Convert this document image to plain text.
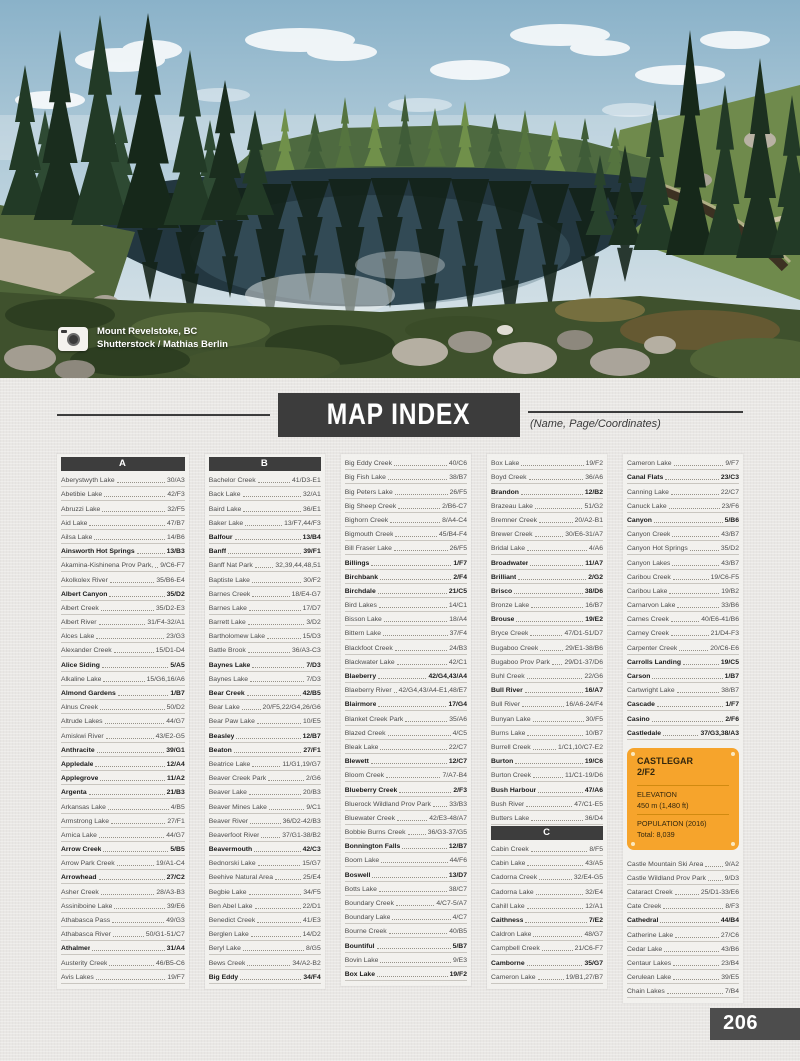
Mount Revelstoke, BC
Shutterstock / Mathias Berlin
MAP INDEX	(Name, Page/Coordinates)
A
Aberystwyth Lake	30/A3
Abetibie Lake	42/F3
Abruzzi Lake	32/F5
Aid Lake	47/B7
Ailsa Lake	14/B6
Ainsworth Hot Springs	13/B3
Akamina-Kishinena Prov Park, 9/C6-F7
Akolkolex River	35/B6-E4
Albert Canyon	35/D2
Albert Creek	35/D2-E3
Albert River	31/F4-32/A1
Alces Lake	23/G3
Alexander Creek	15/D1-D4
Alice Siding	5/A5
Alkaline Lake	15/G6,16/A6
Almond Gardens	1/B7
Alnus Creek	50/D2
Altrude Lakes	44/G7
Amiskwi River	43/E2-G5
Anthracite	39/G1
Appledale	12/A4
Applegrove	11/A2
Argenta	21/B3
Arkansas Lake	4/B5
Armstrong Lake	27/F1
Arnica Lake	44/G7
Arrow Creek	5/B5
Arrow Park Creek	19/A1-C4
Arrowhead	27/C2
Asher Creek	28/A3-B3
Assiniboine Lake	39/E6
Athabasca Pass	49/G3
Athabasca River	50/G1-51/C7
Athalmer	31/A4
Austerity Creek	46/B5-C6
Avis Lakes	19/F7
B
Bachelor Creek	41/D3-E1
Back Lake	32/A1
Baird Lake	36/E1
Baker Lake	13/F7,44/F3
Balfour	13/B4
Banff	39/F1
Banff Nat Park	32,39,44,48,51
Baptiste Lake	30/F2
Barnes Creek	18/E4-G7
Barnes Lake	17/D7
Barrett Lake	3/D2
Bartholomew Lake	15/D3
Battle Brook	36/A3-C3
Baynes Lake	7/D3
Baynes Lake	7/D3
Bear Creek	42/B5
Bear Lake	20/F5,22/G4,26/G6
Bear Paw Lake	10/E5
Beasley	12/B7
Beaton	27/F1
Beatrice Lake	11/G1,19/G7
Beaver Creek Park	2/G6
Beaver Lake	20/B3
Beaver Mines Lake	9/C1
Beaver River	36/D2-42/B3
Beaverfoot River	37/G1-38/B2
Beavermouth	42/C3
Bednorski Lake	15/G7
Beehive Natural Area	25/E4
Begbie Lake	34/F5
Ben Abel Lake	22/D1
Benedict Creek	41/E3
Berglen Lake	14/D2
Beryl Lake	8/G5
Bews Creek	34/A2-B2
Big Eddy	34/F4
Big Eddy Creek	40/C6
Big Fish Lake	38/B7
Big Peters Lake	26/F5
Big Sheep Creek	2/B6-C7
Bighorn Creek	8/A4-C4
Bigmouth Creek	45/B4-F4
Bill Fraser Lake	26/F5
Billings	1/F7
Birchbank	2/F4
Birchdale	21/C5
Bird Lakes	14/C1
Bisson Lake	18/A4
Bittern Lake	37/F4
Blackfoot Creek	24/B3
Blackwater Lake	42/C1
Blaeberry	42/G4,43/A4
Blaeberry River 42/G4,43/A4-E1,48/E7
Blairmore	17/G4
Blanket Creek Park	35/A6
Blazed Creek	4/C5
Bleak Lake	22/C7
Blewett	12/C7
Bloom Creek	7/A7-B4
Blueberry Creek	2/F3
Bluerock Wildland Prov Park	33/B3
Bluewater Creek	42/E3-48/A7
Bobbie Burns Creek	36/G3-37/G5
Bonnington Falls	12/B7
Boom Lake	44/F6
Boswell	13/D7
Botts Lake	38/C7
Boundary Creek	4/C7-5/A7
Boundary Lake	4/C7
Bourne Creek	40/B5
Bountiful	5/B7
Bovin Lake	9/E3
Box Lake	19/F2
Box Lake	19/F2
Boyd Creek	36/A6
Brandon	12/B2
Brazeau Lake	51/G2
Bremner Creek	20/A2-B1
Brewer Creek	30/E6-31/A7
Bridal Lake	4/A6
Broadwater	11/A7
Brilliant	2/G2
Brisco	38/D6
Bronze Lake	16/B7
Brouse	19/E2
Bryce Creek	47/D1-51/D7
Bugaboo Creek	29/E1-38/B6
Bugaboo Prov Park 29/D1-37/D6
Buhl Creek	22/G6
Bull River	16/A7
Bull River	16/A6-24/F4
Bunyan Lake	30/F5
Burns Lake	10/B7
Burrell Creek	1/C1,10/C7-E2
Burton	19/C6
Burton Creek	11/C1-19/D6
Bush Harbour	47/A6
Bush River	47/C1-E5
Butters Lake	36/D4
C
Cabin Creek	8/F5
Cabin Lake	43/A5
Cadorna Creek	32/E4-G5
Cadorna Lake	32/E4
Cahill Lake	12/A1
Caithness	7/E2
Caldron Lake	48/G7
Campbell Creek	21/C6-F7
Camborne	35/G7
Cameron Lake	19/B1,27/B7
Cameron Lake	9/F7
Canal Flats	23/C3
Canning Lake	22/C7
Canuck Lake	23/F6
Canyon	5/B6
Canyon Creek	43/B7
Canyon Hot Springs	35/D2
Canyon Lakes	43/B7
Caribou Creek	19/C6-F5
Caribou Lake	19/B2
Carnarvon Lake	33/B6
Carnes Creek	40/E6-41/B6
Carney Creek	21/D4-F3
Carpenter Creek	20/C6-E6
Carrolls Landing	19/C5
Carson	1/B7
Cartwright Lake	38/B7
Cascade	1/F7
Casino	2/F6
Castledale	37/G3,38/A3
CASTLEGAR
2/F2
ELEVATION
450 m (1,480 ft)
POPULATION (2016)
Total: 8,039
Castle Mountain Ski Area	9/A2
Castle Wildland Prov Park	9/D3
Cataract Creek	25/D1-33/E6
Cate Creek	8/F3
Cathedral	44/B4
Catherine Lake	27/C6
Cedar Lake	43/B6
Centaur Lakes	23/B4
Cerulean Lake	39/E5
Chain Lakes	7/B4
206
